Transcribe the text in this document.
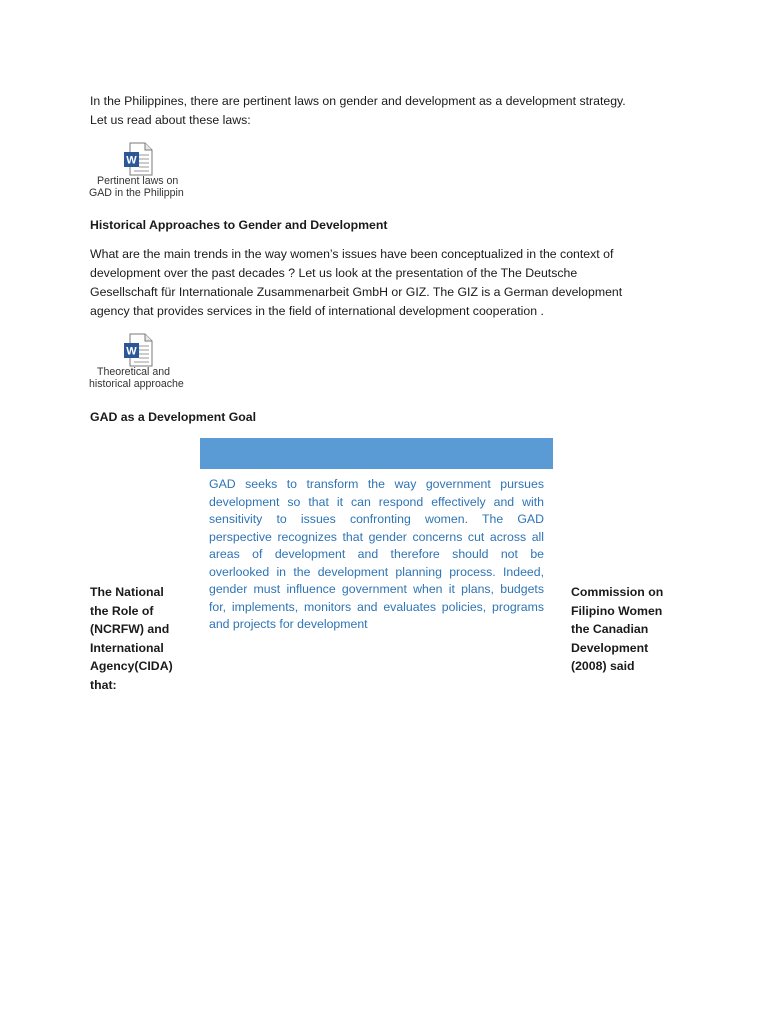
In the Philippines, there are pertinent laws on gender and development as a development strategy.
Let us read about these laws:

W
Pertinent laws on
GAD in the Philippin
Historical Approaches to Gender and Development

What are the main trends in the way women’s issues have been conceptualized in the context of
development over the past decades ? Let us look at the presentation of the The Deutsche
Gesellschaft für Internationale Zusammenarbeit GmbH or GIZ. The GIZ is a German development
agency that provides services in the field of international development cooperation .

W
Theoretical and
historical approache
GAD as a Development Goal

GAD seeks to transform the way government pursues
development so that it can respond effectively and with
sensitivity to issues confronting women. The GAD
perspective recognizes that gender concerns cut across all
areas of development and therefore should not be
overlooked in the development planning process. Indeed,
gender must influence government when it plans, budgets
for, implements, monitors and evaluates policies, programs
and projects for development

The National
the Role of
(NCRFW) and
International
Agency(CIDA)
that:

Commission on
Filipino Women
the Canadian
Development
(2008) said
